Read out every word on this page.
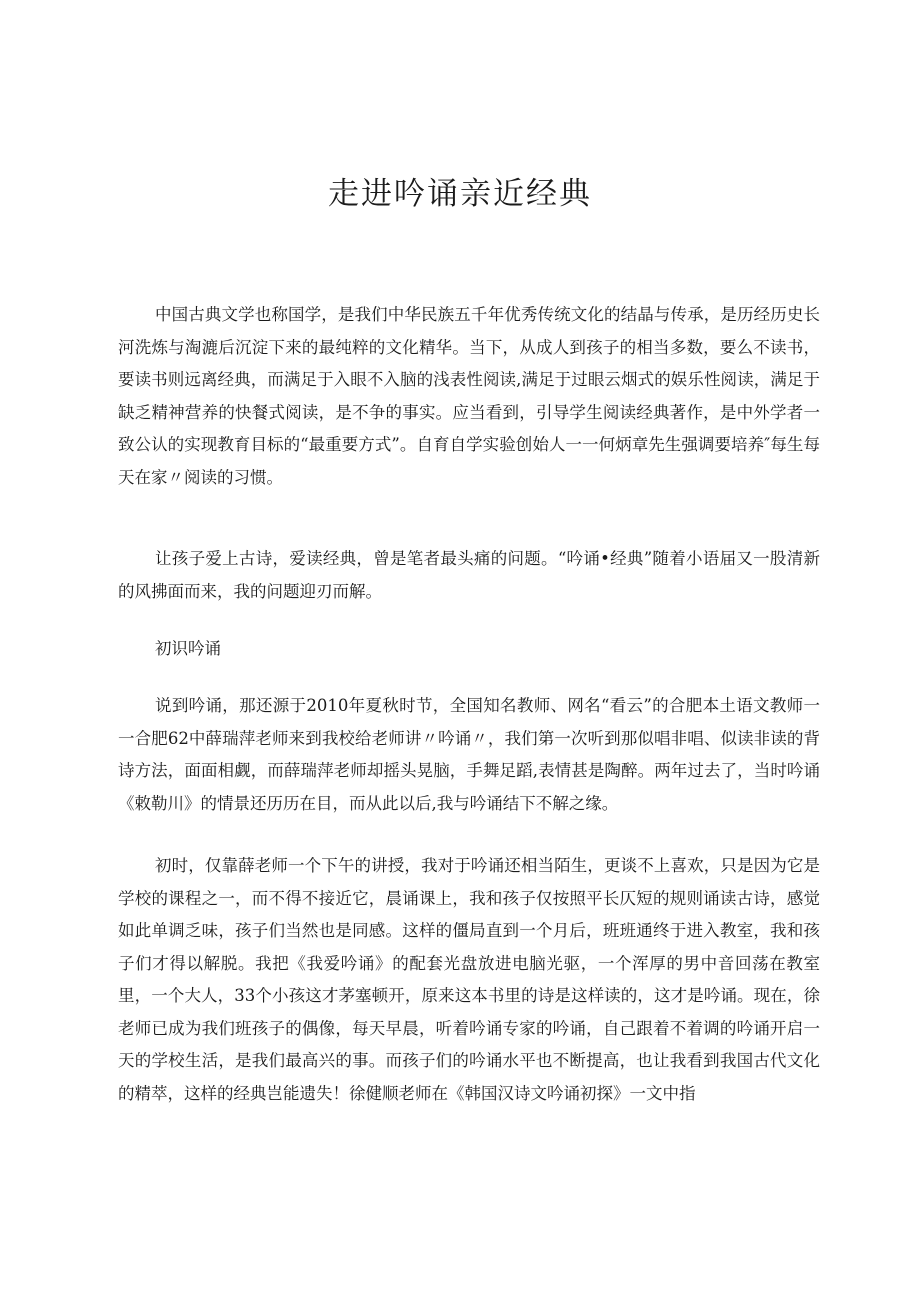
走进吟诵亲近经典

中国古典文学也称国学，是我们中华民族五千年优秀传统文化的结晶与传承，是历经历史长河洗炼与淘漉后沉淀下来的最纯粹的文化精华。当下，从成人到孩子的相当多数，要么不读书，要读书则远离经典，而满足于入眼不入脑的浅表性阅读,满足于过眼云烟式的娱乐性阅读，满足于缺乏精神营养的快餐式阅读，是不争的事实。应当看到，引导学生阅读经典著作，是中外学者一致公认的实现教育目标的“最重要方式”。自育自学实验创始人一一何炳章先生强调要培养″每生每天在家〃阅读的习惯。

让孩子爱上古诗，爱读经典，曾是笔者最头痛的问题。“吟诵•经典”随着小语届又一股清新的风拂面而来，我的问题迎刃而解。

初识吟诵

说到吟诵，那还源于2010年夏秋时节，全国知名教师、网名“看云”的合肥本土语文教师一一合肥62中薛瑞萍老师来到我校给老师讲〃吟诵〃，我们第一次听到那似唱非唱、似读非读的背诗方法，面面相觑，而薛瑞萍老师却摇头晃脑，手舞足蹈,表情甚是陶醉。两年过去了，当时吟诵《敕勒川》的情景还历历在目，而从此以后,我与吟诵结下不解之缘。

初时，仅靠薛老师一个下午的讲授，我对于吟诵还相当陌生，更谈不上喜欢，只是因为它是学校的课程之一，而不得不接近它，晨诵课上，我和孩子仅按照平长仄短的规则诵读古诗，感觉如此单调乏味，孩子们当然也是同感。这样的僵局直到一个月后，班班通终于进入教室，我和孩子们才得以解脱。我把《我爱吟诵》的配套光盘放进电脑光驱，一个浑厚的男中音回荡在教室里，一个大人，33个小孩这才茅塞顿开，原来这本书里的诗是这样读的，这才是吟诵。现在，徐老师已成为我们班孩子的偶像，每天早晨，听着吟诵专家的吟诵，自己跟着不着调的吟诵开启一天的学校生活，是我们最高兴的事。而孩子们的吟诵水平也不断提高，也让我看到我国古代文化的精萃，这样的经典岂能遗失！徐健顺老师在《韩国汉诗文吟诵初探》一文中指
